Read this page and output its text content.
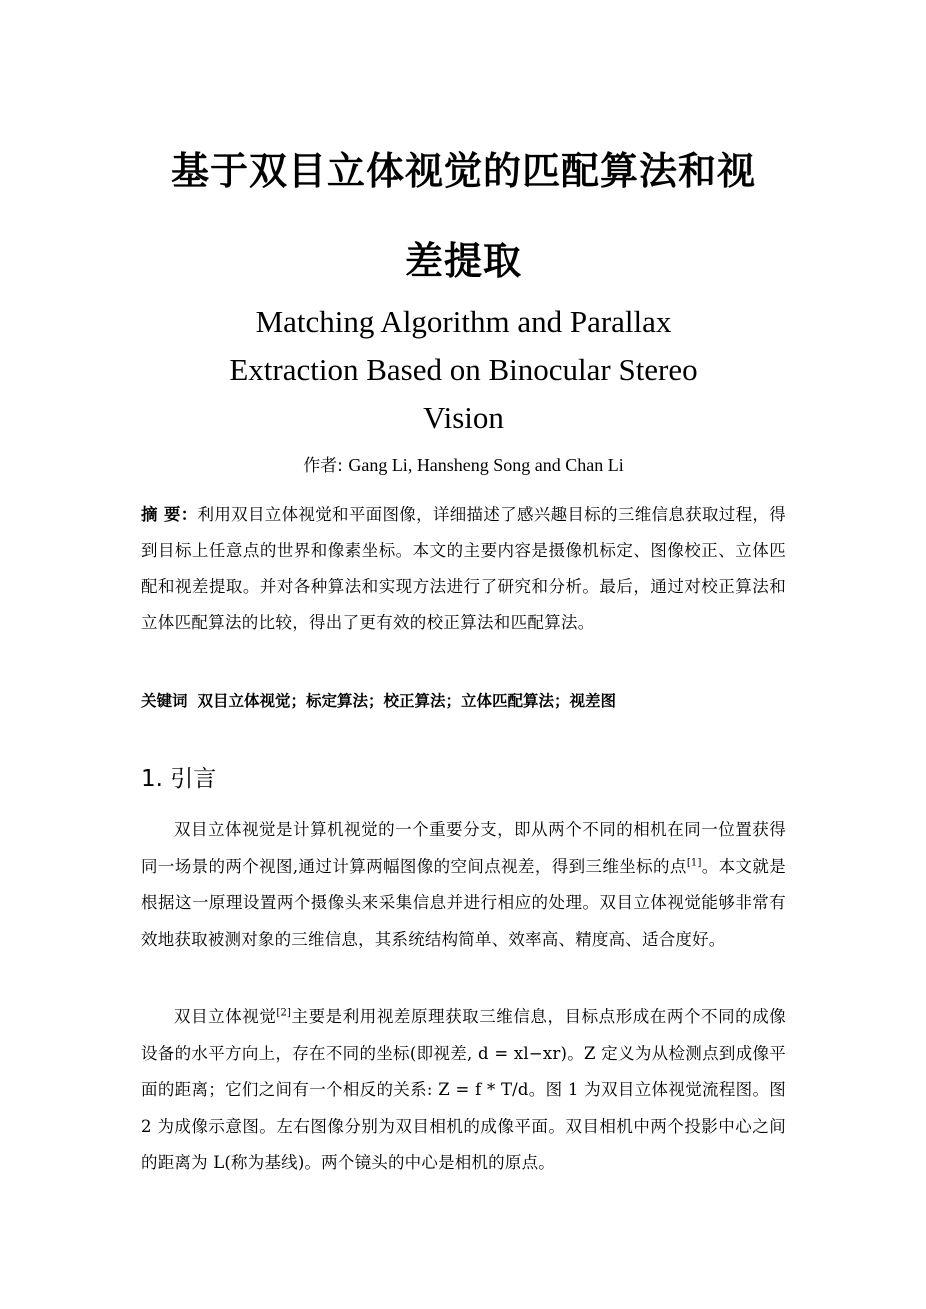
基于双目立体视觉的匹配算法和视
差提取
Matching Algorithm and Parallax
Extraction Based on Binocular Stereo
Vision
作者: Gang Li, Hansheng Song and Chan Li
摘 要：利用双目立体视觉和平面图像，详细描述了感兴趣目标的三维信息获取过程，得到目标上任意点的世界和像素坐标。本文的主要内容是摄像机标定、图像校正、立体匹配和视差提取。并对各种算法和实现方法进行了研究和分析。最后，通过对校正算法和立体匹配算法的比较，得出了更有效的校正算法和匹配算法。
关键词 双目立体视觉；标定算法；校正算法；立体匹配算法；视差图
1. 引言

双目立体视觉是计算机视觉的一个重要分支，即从两个不同的相机在同一位置获得同一场景的两个视图,通过计算两幅图像的空间点视差，得到三维坐标的点[1]。本文就是根据这一原理设置两个摄像头来采集信息并进行相应的处理。双目立体视觉能够非常有效地获取被测对象的三维信息，其系统结构简单、效率高、精度高、适合度好。

双目立体视觉[2]主要是利用视差原理获取三维信息，目标点形成在两个不同的成像设备的水平方向上，存在不同的坐标(即视差, d = xl−xr)。Z 定义为从检测点到成像平面的距离；它们之间有一个相反的关系: Z = f * T/d。图 1 为双目立体视觉流程图。图 2 为成像示意图。左右图像分别为双目相机的成像平面。双目相机中两个投影中心之间的距离为 L(称为基线)。两个镜头的中心是相机的原点。
